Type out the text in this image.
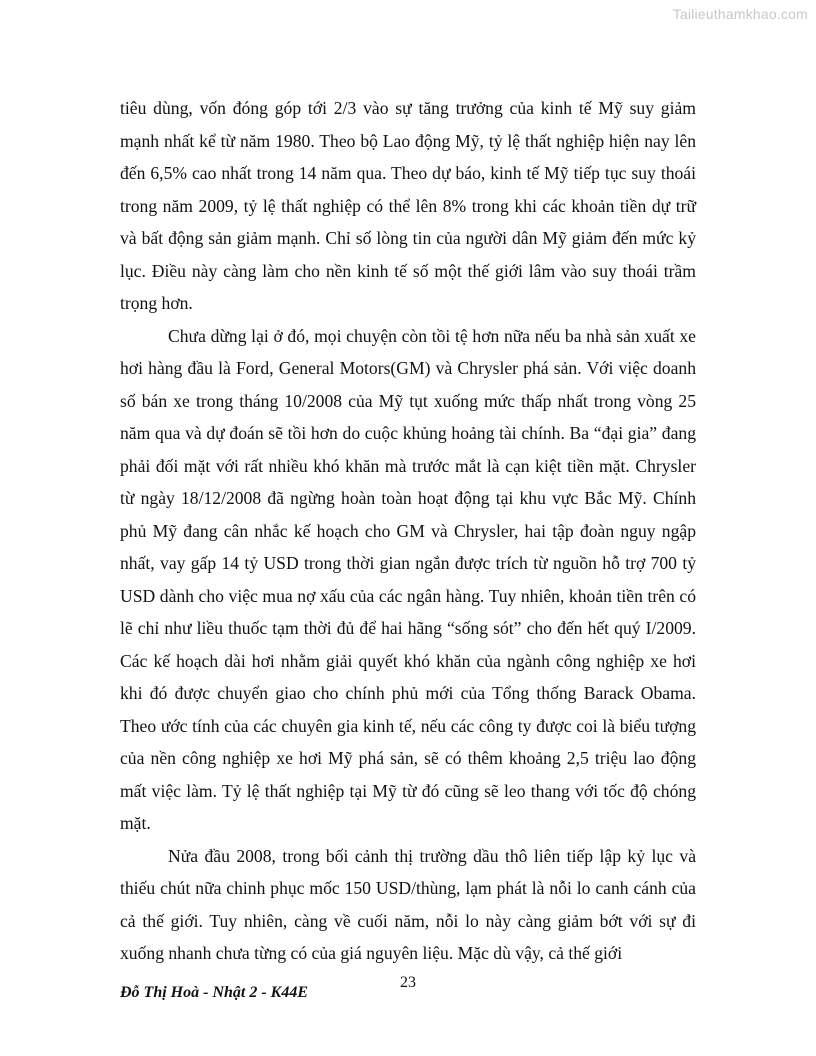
Tailieuthamkhao.com

tiêu dùng, vốn đóng góp tới 2/3 vào sự tăng trưởng của kinh tế Mỹ suy giảm mạnh nhất kể từ năm 1980. Theo bộ Lao động Mỹ, tỷ lệ thất nghiệp hiện nay lên đến 6,5% cao nhất trong 14 năm qua. Theo dự báo, kinh tế Mỹ tiếp tục suy thoái trong năm 2009, tỷ lệ thất nghiệp có thể lên 8% trong khi các khoản tiền dự trữ và bất động sản giảm mạnh. Chỉ số lòng tin của người dân Mỹ giảm đến mức kỷ lục. Điều này càng làm cho nền kinh tế số một thế giới lâm vào suy thoái trầm trọng hơn.

Chưa dừng lại ở đó, mọi chuyện còn tồi tệ hơn nữa nếu ba nhà sản xuất xe hơi hàng đầu là Ford, General Motors(GM) và Chrysler phá sản. Với việc doanh số bán xe trong tháng 10/2008 của Mỹ tụt xuống mức thấp nhất trong vòng 25 năm qua và dự đoán sẽ tồi hơn do cuộc khủng hoảng tài chính. Ba “đại gia” đang phải đối mặt với rất nhiều khó khăn mà trước mắt là cạn kiệt tiền mặt. Chrysler từ ngày 18/12/2008 đã ngừng hoàn toàn hoạt động tại khu vực Bắc Mỹ. Chính phủ Mỹ đang cân nhắc kế hoạch cho GM và Chrysler, hai tập đoàn nguy ngập nhất, vay gấp 14 tỷ USD trong thời gian ngắn được trích từ nguồn hỗ trợ 700 tỷ USD dành cho việc mua nợ xấu của các ngân hàng. Tuy nhiên, khoản tiền trên có lẽ chỉ như liều thuốc tạm thời đủ để hai hãng “sống sót” cho đến hết quý I/2009. Các kế hoạch dài hơi nhằm giải quyết khó khăn của ngành công nghiệp xe hơi khi đó được chuyển giao cho chính phủ mới của Tổng thống Barack Obama. Theo ước tính của các chuyên gia kinh tế, nếu các công ty được coi là biểu tượng của nền công nghiệp xe hơi Mỹ phá sản, sẽ có thêm khoảng 2,5 triệu lao động mất việc làm. Tỷ lệ thất nghiệp tại Mỹ từ đó cũng sẽ leo thang với tốc độ chóng mặt.

Nửa đầu 2008, trong bối cảnh thị trường dầu thô liên tiếp lập kỷ lục và thiếu chút nữa chinh phục mốc 150 USD/thùng, lạm phát là nỗi lo canh cánh của cả thế giới. Tuy nhiên, càng về cuối năm, nỗi lo này càng giảm bớt với sự đi xuống nhanh chưa từng có của giá nguyên liệu. Mặc dù vậy, cả thế giới

23
Đỗ Thị Hoà - Nhật 2 - K44E
